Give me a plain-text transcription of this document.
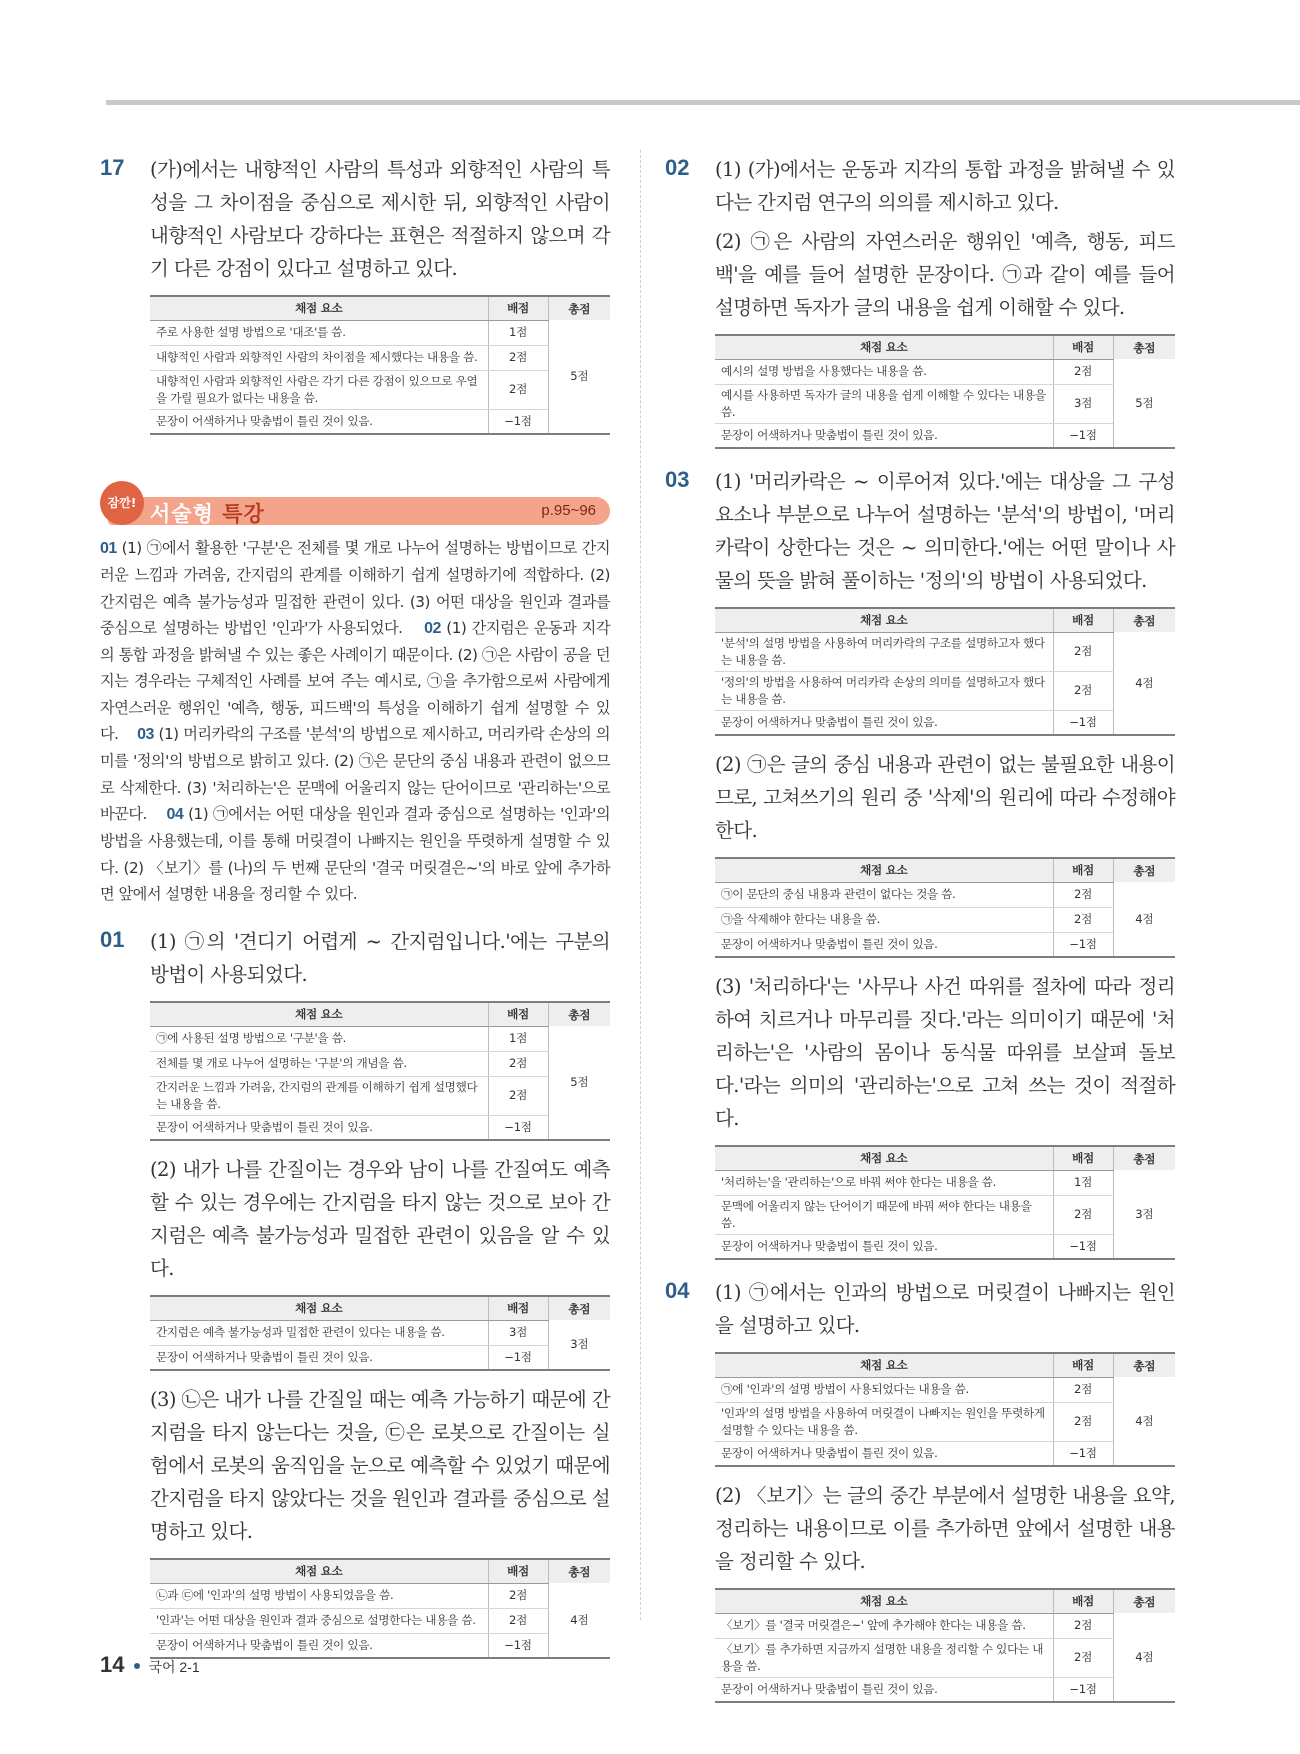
17 (가)에서는 내향적인 사람의 특성과 외향적인 사람의 특성을 그 차이점을 중심으로 제시한 뒤, 외향적인 사람이 내향적인 사람보다 강하다는 표현은 적절하지 않으며 각기 다른 강점이 있다고 설명하고 있다.

채점 요소	배점	총점
주로 사용한 설명 방법으로 '대조'를 씀.	1점	5점
내향적인 사람과 외향적인 사람의 차이점을 제시했다는 내용을 씀.	2점	
내향적인 사람과 외향적인 사람은 각기 다른 강점이 있으므로 우열을 가릴 필요가 없다는 내용을 씀.	2점	
문장이 어색하거나 맞춤법이 틀린 것이 있음.	−1점	
잠깐! 서술형 특강	p.95~96
01 (1) ㉠에서 활용한 '구분'은 전체를 몇 개로 나누어 설명하는 방법이므로 간지러운 느낌과 가려움, 간지럼의 관계를 이해하기 쉽게 설명하기에 적합하다. (2) 간지럼은 예측 불가능성과 밀접한 관련이 있다. (3) 어떤 대상을 원인과 결과를 중심으로 설명하는 방법인 '인과'가 사용되었다. 02 (1) 간지럼은 운동과 지각의 통합 과정을 밝혀낼 수 있는 좋은 사례이기 때문이다. (2) ㉠은 사람이 공을 던지는 경우라는 구체적인 사례를 보여 주는 예시로, ㉠을 추가함으로써 사람에게 자연스러운 행위인 '예측, 행동, 피드백'의 특성을 이해하기 쉽게 설명할 수 있다. 03 (1) 머리카락의 구조를 '분석'의 방법으로 제시하고, 머리카락 손상의 의미를 '정의'의 방법으로 밝히고 있다. (2) ㉠은 문단의 중심 내용과 관련이 없으므로 삭제한다. (3) '처리하는'은 문맥에 어울리지 않는 단어이므로 '관리하는'으로 바꾼다. 04 (1) ㉠에서는 어떤 대상을 원인과 결과 중심으로 설명하는 '인과'의 방법을 사용했는데, 이를 통해 머릿결이 나빠지는 원인을 뚜렷하게 설명할 수 있다. (2) 〈보기〉를 (나)의 두 번째 문단의 '결국 머릿결은~'의 바로 앞에 추가하면 앞에서 설명한 내용을 정리할 수 있다.
01 (1) ㉠의 '견디기 어렵게 ~ 간지럼입니다.'에는 구분의 방법이 사용되었다.

채점 요소	배점	총점
㉠에 사용된 설명 방법으로 '구분'을 씀.	1점	5점
전체를 몇 개로 나누어 설명하는 '구분'의 개념을 씀.	2점	
간지러운 느낌과 가려움, 간지럼의 관계를 이해하기 쉽게 설명했다는 내용을 씀.	2점	
문장이 어색하거나 맞춤법이 틀린 것이 있음.	−1점	

(2) 내가 나를 간질이는 경우와 남이 나를 간질여도 예측할 수 있는 경우에는 간지럼을 타지 않는 것으로 보아 간지럼은 예측 불가능성과 밀접한 관련이 있음을 알 수 있다.

채점 요소	배점	총점
간지럼은 예측 불가능성과 밀접한 관련이 있다는 내용을 씀.	3점	3점
문장이 어색하거나 맞춤법이 틀린 것이 있음.	−1점	

(3) ㉡은 내가 나를 간질일 때는 예측 가능하기 때문에 간지럼을 타지 않는다는 것을, ㉢은 로봇으로 간질이는 실험에서 로봇의 움직임을 눈으로 예측할 수 있었기 때문에 간지럼을 타지 않았다는 것을 원인과 결과를 중심으로 설명하고 있다.

채점 요소	배점	총점
㉡과 ㉢에 '인과'의 설명 방법이 사용되었음을 씀.	2점	4점
'인과'는 어떤 대상을 원인과 결과 중심으로 설명한다는 내용을 씀.	2점	
문장이 어색하거나 맞춤법이 틀린 것이 있음.	−1점	
02 (1) (가)에서는 운동과 지각의 통합 과정을 밝혀낼 수 있다는 간지럼 연구의 의의를 제시하고 있다.

(2) ㉠은 사람의 자연스러운 행위인 '예측, 행동, 피드백'을 예를 들어 설명한 문장이다. ㉠과 같이 예를 들어 설명하면 독자가 글의 내용을 쉽게 이해할 수 있다.

채점 요소	배점	총점
예시의 설명 방법을 사용했다는 내용을 씀.	2점	5점
예시를 사용하면 독자가 글의 내용을 쉽게 이해할 수 있다는 내용을 씀.	3점	
문장이 어색하거나 맞춤법이 틀린 것이 있음.	−1점	
03 (1) '머리카락은 ~ 이루어져 있다.'에는 대상을 그 구성 요소나 부분으로 나누어 설명하는 '분석'의 방법이, '머리카락이 상한다는 것은 ~ 의미한다.'에는 어떤 말이나 사물의 뜻을 밝혀 풀이하는 '정의'의 방법이 사용되었다.

채점 요소	배점	총점
'분석'의 설명 방법을 사용하여 머리카락의 구조를 설명하고자 했다는 내용을 씀.	2점	4점
'정의'의 방법을 사용하여 머리카락 손상의 의미를 설명하고자 했다는 내용을 씀.	2점	
문장이 어색하거나 맞춤법이 틀린 것이 있음.	−1점	

(2) ㉠은 글의 중심 내용과 관련이 없는 불필요한 내용이므로, 고쳐쓰기의 원리 중 '삭제'의 원리에 따라 수정해야 한다.

채점 요소	배점	총점
㉠이 문단의 중심 내용과 관련이 없다는 것을 씀.	2점	4점
㉠을 삭제해야 한다는 내용을 씀.	2점	
문장이 어색하거나 맞춤법이 틀린 것이 있음.	−1점	

(3) '처리하다'는 '사무나 사건 따위를 절차에 따라 정리하여 치르거나 마무리를 짓다.'라는 의미이기 때문에 '처리하는'은 '사람의 몸이나 동식물 따위를 보살펴 돌보다.'라는 의미의 '관리하는'으로 고쳐 쓰는 것이 적절하다.

채점 요소	배점	총점
'처리하는'을 '관리하는'으로 바꿔 써야 한다는 내용을 씀.	1점	3점
문맥에 어울리지 않는 단어이기 때문에 바꿔 써야 한다는 내용을 씀.	2점	
문장이 어색하거나 맞춤법이 틀린 것이 있음.	−1점	
04 (1) ㉠에서는 인과의 방법으로 머릿결이 나빠지는 원인을 설명하고 있다.

채점 요소	배점	총점
㉠에 '인과'의 설명 방법이 사용되었다는 내용을 씀.	2점	4점
'인과'의 설명 방법을 사용하여 머릿결이 나빠지는 원인을 뚜렷하게 설명할 수 있다는 내용을 씀.	2점	
문장이 어색하거나 맞춤법이 틀린 것이 있음.	−1점	

(2) 〈보기〉는 글의 중간 부분에서 설명한 내용을 요약, 정리하는 내용이므로 이를 추가하면 앞에서 설명한 내용을 정리할 수 있다.

채점 요소	배점	총점
〈보기〉를 '결국 머릿결은~' 앞에 추가해야 한다는 내용을 씀.	2점	4점
〈보기〉를 추가하면 지금까지 설명한 내용을 정리할 수 있다는 내용을 씀.	2점	
문장이 어색하거나 맞춤법이 틀린 것이 있음.	−1점	
14 국어 2-1
